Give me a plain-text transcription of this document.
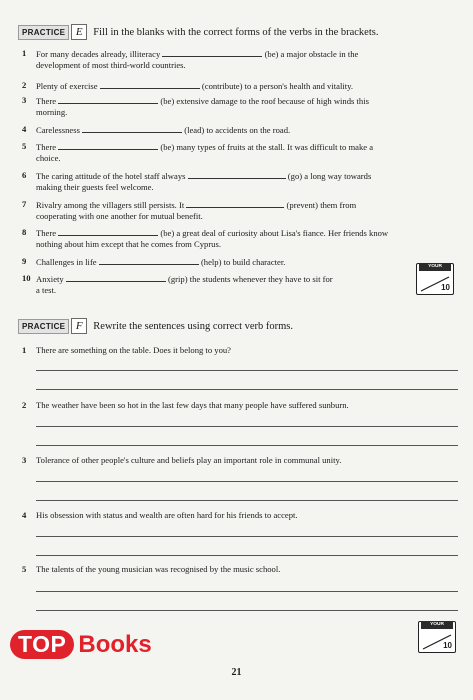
PRACTICE E	Fill in the blanks with the correct forms of the verbs in the brackets.
1	For many decades already, illiteracy	(be) a major obstacle in the
development of most third-world countries.
2	Plenty of exercise	(contribute) to a person's health and vitality.
3	There	(be) extensive damage to the roof because of high winds this
morning.
4	Carelessness	(lead) to accidents on the road.
5	There	(be) many types of fruits at the stall. It was difficult to make a
choice.
6	The caring attitude of the hotel staff always	(go) a long way towards
making their guests feel welcome.
7	Rivalry among the villagers still persists. It	(prevent) them from
cooperating with one another for mutual benefit.
8	There	(be) a great deal of curiosity about Lisa's fiance. Her friends know
nothing about him except that he comes from Cyprus.
9	Challenges in life	(help) to build character.
10 Anxiety	(grip) the students whenever they have to sit for
a test.
YOUR SCORE
10
PRACTICE F	Rewrite the sentences using correct verb forms.
1	There are something on the table. Does it belong to you?
2	The weather have been so hot in the last few days that many people have suffered sunburn.
3	Tolerance of other people's culture and beliefs play an important role in communal unity.
4	His obsession with status and wealth are often hard for his friends to accept.
5	The talents of the young musician was recognised by the music school.
YOUR SCORE
10
TOP Books
21
